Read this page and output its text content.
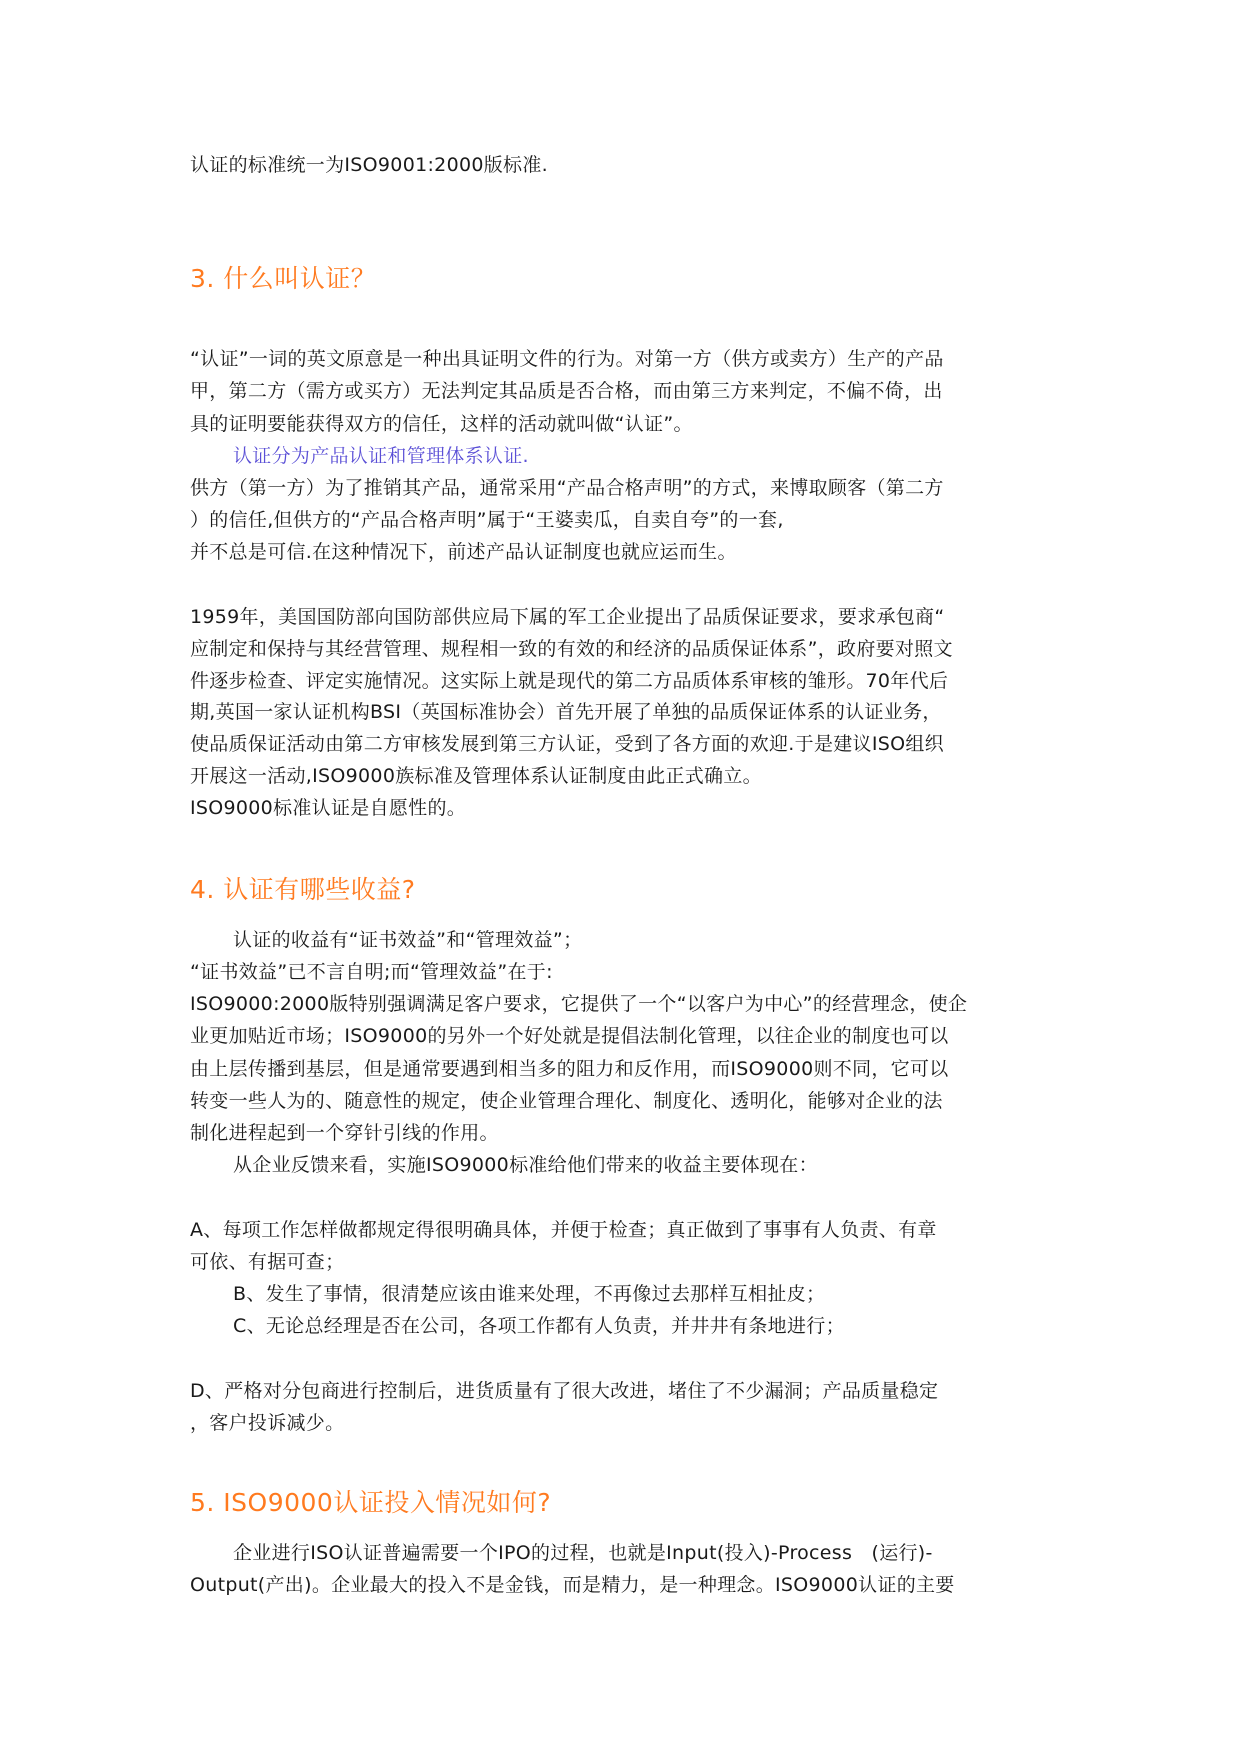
认证的标准统一为ISO9001:2000版标准.
3. 什么叫认证？
“认证”一词的英文原意是一种出具证明文件的行为。对第一方（供方或卖方）生产的产品
甲，第二方（需方或买方）无法判定其品质是否合格，而由第三方来判定，不偏不倚，出
具的证明要能获得双方的信任，这样的活动就叫做“认证”。
认证分为产品认证和管理体系认证.
供方（第一方）为了推销其产品，通常采用“产品合格声明”的方式，来博取顾客（第二方
）的信任,但供方的“产品合格声明”属于“王婆卖瓜，自卖自夸”的一套,
并不总是可信.在这种情况下，前述产品认证制度也就应运而生。
1959年，美国国防部向国防部供应局下属的军工企业提出了品质保证要求，要求承包商“
应制定和保持与其经营管理、规程相一致的有效的和经济的品质保证体系”，政府要对照文
件逐步检查、评定实施情况。这实际上就是现代的第二方品质体系审核的雏形。70年代后
期,英国一家认证机构BSI（英国标准协会）首先开展了单独的品质保证体系的认证业务，
使品质保证活动由第二方审核发展到第三方认证，受到了各方面的欢迎.于是建议ISO组织
开展这一活动,ISO9000族标准及管理体系认证制度由此正式确立。
ISO9000标准认证是自愿性的。
4. 认证有哪些收益?
认证的收益有“证书效益”和“管理效益”；
“证书效益”已不言自明;而“管理效益”在于:
ISO9000:2000版特别强调满足客户要求，它提供了一个“以客户为中心”的经营理念，使企
业更加贴近市场；ISO9000的另外一个好处就是提倡法制化管理，以往企业的制度也可以
由上层传播到基层，但是通常要遇到相当多的阻力和反作用，而ISO9000则不同，它可以
转变一些人为的、随意性的规定，使企业管理合理化、制度化、透明化，能够对企业的法
制化进程起到一个穿针引线的作用。
从企业反馈来看，实施ISO9000标准给他们带来的收益主要体现在：
A、每项工作怎样做都规定得很明确具体，并便于检查；真正做到了事事有人负责、有章
可依、有据可查；
B、发生了事情，很清楚应该由谁来处理，不再像过去那样互相扯皮；
C、无论总经理是否在公司，各项工作都有人负责，并井井有条地进行；
D、严格对分包商进行控制后，进货质量有了很大改进，堵住了不少漏洞；产品质量稳定
，客户投诉减少。
5. ISO9000认证投入情况如何?
企业进行ISO认证普遍需要一个IPO的过程，也就是Input(投入)-Process　(运行)-
Output(产出)。企业最大的投入不是金钱，而是精力，是一种理念。ISO9000认证的主要
